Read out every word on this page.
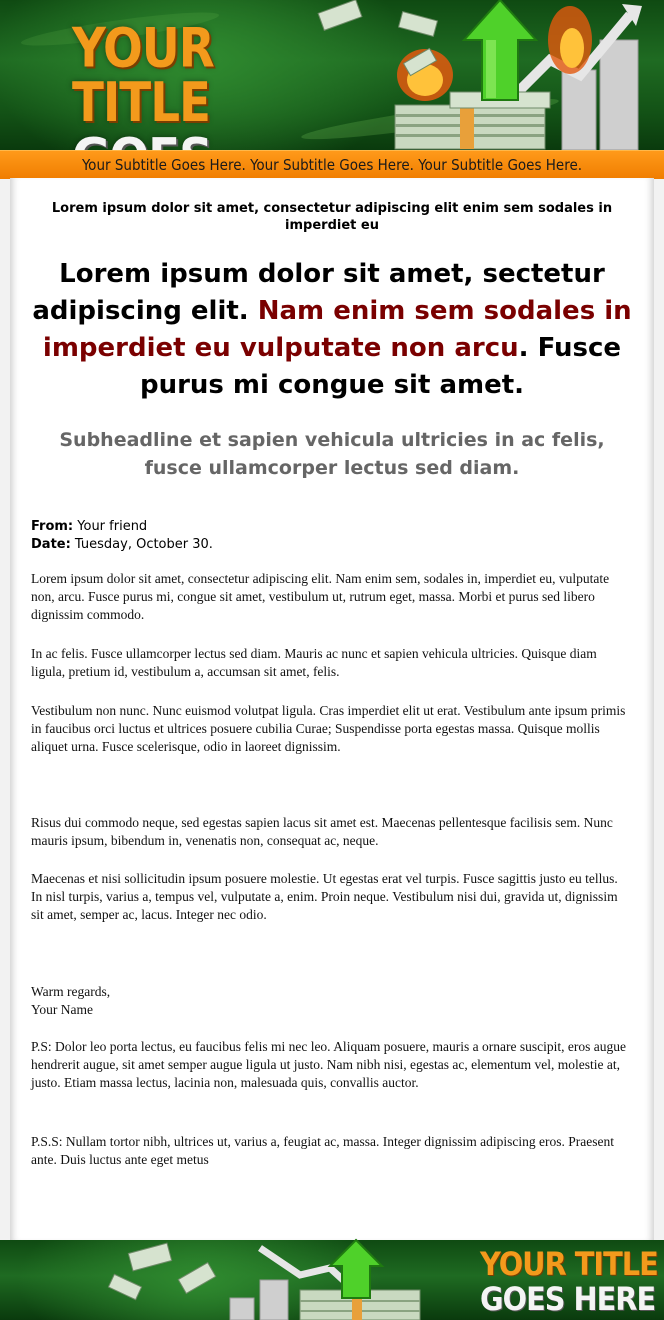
YOUR TITLE
Your Subtitle Goes Here. Your Subtitle Goes Here. Your Subtitle Goes Here.
Lorem ipsum dolor sit amet, consectetur adipiscing elit enim sem sodales in imperdiet eu
Lorem ipsum dolor sit amet, sectetur adipiscing elit. Nam enim sem sodales in imperdiet eu vulputate non arcu. Fusce purus mi congue sit amet.
Subheadline et sapien vehicula ultricies in ac felis, fusce ullamcorper lectus sed diam.
From: Your friend
Date: Tuesday, October 30.

Lorem ipsum dolor sit amet, consectetur adipiscing elit. Nam enim sem, sodales in, imperdiet eu, vulputate non, arcu. Fusce purus mi, congue sit amet, vestibulum ut, rutrum eget, massa. Morbi et purus sed libero dignissim commodo.

In ac felis. Fusce ullamcorper lectus sed diam. Mauris ac nunc et sapien vehicula ultricies. Quisque diam ligula, pretium id, vestibulum a, accumsan sit amet, felis.

Vestibulum non nunc. Nunc euismod volutpat ligula. Cras imperdiet elit ut erat. Vestibulum ante ipsum primis in faucibus orci luctus et ultrices posuere cubilia Curae; Suspendisse porta egestas massa. Quisque mollis aliquet urna. Fusce scelerisque, odio in laoreet dignissim.

Risus dui commodo neque, sed egestas sapien lacus sit amet est. Maecenas pellentesque facilisis sem. Nunc mauris ipsum, bibendum in, venenatis non, consequat ac, neque.

Maecenas et nisi sollicitudin ipsum posuere molestie. Ut egestas erat vel turpis. Fusce sagittis justo eu tellus. In nisl turpis, varius a, tempus vel, vulputate a, enim. Proin neque. Vestibulum nisi dui, gravida ut, dignissim sit amet, semper ac, lacus. Integer nec odio.

Warm regards,
Your Name

P.S: Dolor leo porta lectus, eu faucibus felis mi nec leo. Aliquam posuere, mauris a ornare suscipit, eros augue hendrerit augue, sit amet semper augue ligula ut justo. Nam nibh nisi, egestas ac, elementum vel, molestie at, justo. Etiam massa lectus, lacinia non, malesuada quis, convallis auctor.

P.S.S: Nullam tortor nibh, ultrices ut, varius a, feugiat ac, massa. Integer dignissim adipiscing eros. Praesent ante. Duis luctus ante eget metus

YOUR TITLE
GOES HERE
